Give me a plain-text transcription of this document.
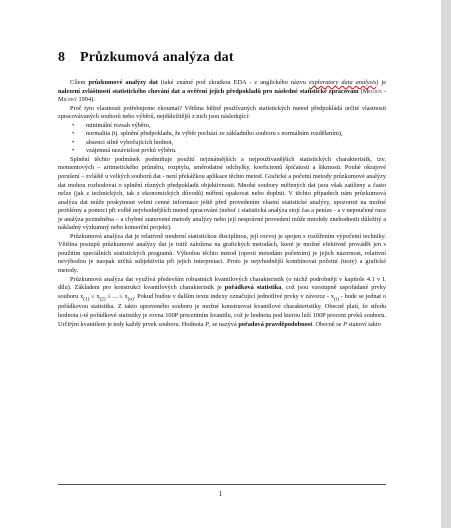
8 Průzkumová analýza dat

Cílem průzkumové analýzy dat (také známé pod zkratkou EDA - z anglického názvu exploratory data analysis) je nalezení zvláštností statistického chování dat a ověření jejich předpokladů pro následné statistické zpracování (Meloun - Militký 1994).

Proč tyto vlastnosti potřebujeme zkoumat? Většina běžně používaných statistických metod předpokládá určité vlastnosti zpracovávaných souborů nebo výběrů, nejdůležitější z nich jsou následující:

• minimální rozsah výběru,
• normalita (tj. splnění předpokladu, že výběr pochází ze základního souboru s normálním rozdělením),
• absenci silně vybočujících hodnot,
• vzájemná nezávislost prvků výběru.

Splnění těchto podmínek podmiňuje použití nejznámějších a nejpoužívanějších statistických charakteristik, tzv. momentových – aritmetického průměru, rozptylu, směrodatné odchylky, koeficientů špičatosti a šikmosti. Pouhé okrajové porušení – zvláště u velkých souborů dat - není překážkou aplikace těchto metod. Grafické a početní metody průzkumové analýzy dat mohou rozhodovat o splnění různých předpokladů objektivnosti. Mnohé soubory měřených dat jsou však zatíženy a často nelze (jak z technických, tak z ekonomických důvodů) měření opakovat nebo doplnit. V těchto případech nám průzkumová analýza dat může poskytnout velmi cenné informace ještě před provedením vlastní statistické analýzy, upozornit na možné problémy a pomoci při volbě nejvhodnějších metod zpracování (neboť i statistická analýza stojí čas a peníze - a v nepoučené ruce je analýza pozměněna – a chybné stanovené metody analýzy nebo její nesprávné provedení může mnohdy znehodnotit důležitý a nákladný výzkumný nebo komerční projekt).

Průzkumová analýza dat je relativně moderní statistickou disciplínou, její rozvoj je spojen s rozšířením výpočetní techniky. Většina postupů průzkumové analýzy dat je totiž založena na grafických metodách, které je možné efektivně provádět jen s použitím speciálních statistických programů. Výhodou těchto metod (oproti metodám početním) je jejich názornost, relativní nevýhodou je naopak určitá subjektivita při jejich interpretaci. Proto je nejvhodnější kombinovat početní (testy) a grafické metody.

Průzkumová analýza dat využívá především robustních kvantilových charakteristik (o nichž podrobněji v kapitole 4.1 v I. dílu). Základem pro konstrukci kvantilových charakteristik je pořádková statistika, což jsou vzestupně uspořádané prvky souboru $x_{(1)} \le x_{(2)}$ ≤ ... ≤ $x_{(n)}$. Pokud budou v dalším textu indexy označující jednotlivé prvky v závorce - $x_{(i)}$ - bude se jednat o pořádkovou statistiku. Z takto upraveného souboru je možné konstruovat kvantilové charakteristiky. Obecně platí, že středu hodnota i-té pořádkové statistiky je rovna 100P procentním kvantilu, což je hodnota pod kterou leží 100P procent prvků souboru. Určitým kvantilem je tedy každý prvek souboru. Hodnota P, se nazývá pořadová pravděpodobnost. Obecně se P stanoví takto

1
